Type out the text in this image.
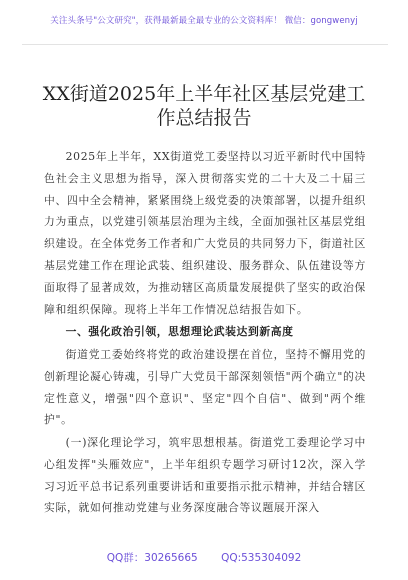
关注头条号"公文研究"，获得最新最全最专业的公文资料库！ 微信：gongwenyj
XX街道2025年上半年社区基层党建工
作总结报告
2025年上半年，XX街道党工委坚持以习近平新时代中国特色社会主义思想为指导，深入贯彻落实党的二十大及二十届三中、四中全会精神，紧紧围绕上级党委的决策部署，以提升组织力为重点，以党建引领基层治理为主线，全面加强社区基层党组织建设。在全体党务工作者和广大党员的共同努力下，街道社区基层党建工作在理论武装、组织建设、服务群众、队伍建设等方面取得了显著成效，为推动辖区高质量发展提供了坚实的政治保障和组织保障。现将上半年工作情况总结报告如下。
一、强化政治引领，思想理论武装达到新高度
街道党工委始终将党的政治建设摆在首位，坚持不懈用党的创新理论凝心铸魂，引导广大党员干部深刻领悟"两个确立"的决定性意义，增强"四个意识"、坚定"四个自信"、做到"两个维护"。
(一)深化理论学习，筑牢思想根基。街道党工委理论学习中心组发挥"头雁效应"，上半年组织专题学习研讨12次，深入学习习近平总书记系列重要讲话和重要指示批示精神，并结合辖区实际，就如何推动党建与业务深度融合等议题展开深入
QQ群：30265665 QQ:535304092
